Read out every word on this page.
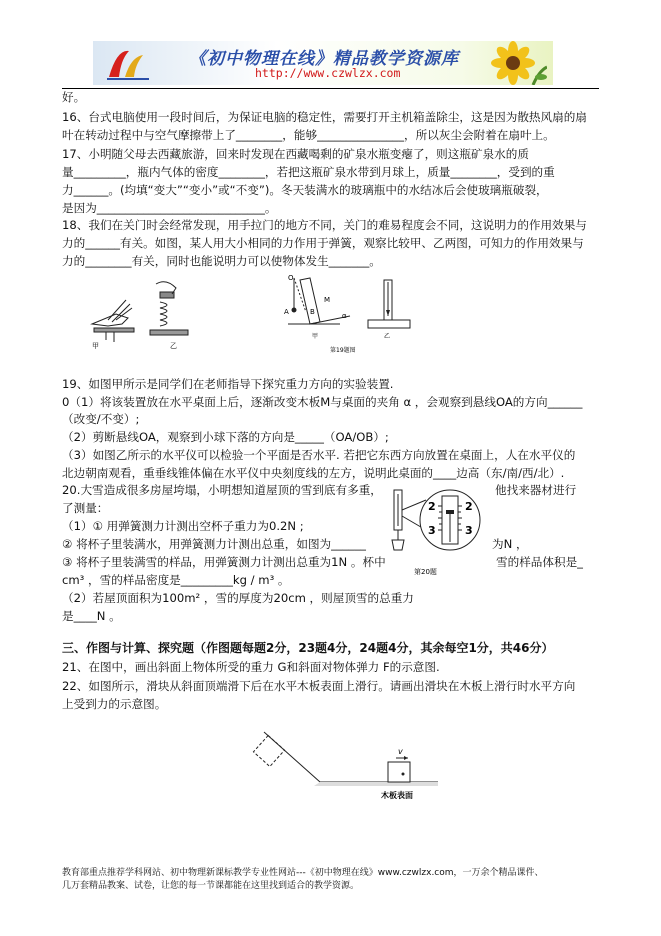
《初中物理在线》精品教学资源库
http://www.czwlzx.com
好。
16、台式电脑使用一段时间后，为保证电脑的稳定性，需要打开主机箱盖除尘，这是因为散热风扇的扇
叶在转动过程中与空气摩擦带上了________，能够_______________，所以灰尘会附着在扇叶上。
17、小明随父母去西藏旅游，回来时发现在西藏喝剩的矿泉水瓶变瘪了，则这瓶矿泉水的质
量_________，瓶内气体的密度________，若把这瓶矿泉水带到月球上，质量________，受到的重
力______。(均填“变大”“变小”或“不变”)。冬天装满水的玻璃瓶中的水结冰后会使玻璃瓶破裂，
是因为_____________________________。
18、我们在关门时会经常发现，用手拉门的地方不同，关门的难易程度会不同，这说明力的作用效果与
力的______有关。如图，某人用大小相同的力作用于弹簧，观察比较甲、乙两图，可知力的作用效果与
力的________有关，同时也能说明力可以使物体发生_______。
甲	乙
O
A	B
M
α
甲	乙
第19题图
19、如图甲所示是同学们在老师指导下探究重力方向的实验装置.
0（1）将该装置放在水平桌面上后，逐渐改变木板M与桌面的夹角 α ，会观察到悬线OA的方向______
（改变/不变）;
（2）剪断悬线OA，观察到小球下落的方向是_____（OA/OB）;
（3）如图乙所示的水平仪可以检验一个平面是否水平. 若把它东西方向放置在桌面上，人在水平仪的
北边朝南观看，重垂线锥体偏在水平仪中央刻度线的左方，说明此桌面的____边高（东/南/西/北）.
20.大雪造成很多房屋垮塌，小明想知道屋顶的雪到底有多重，	他找来器材进行
了测量：
（1）① 用弹簧测力计测出空杯子重力为0.2N ;
② 将杯子里装满水，用弹簧测力计测出总重，如图为______	为N ，
③ 将杯子里装满雪的样品，用弹簧测力计测出总重为1N 。杯中	雪的样品体积是_
cm³ ，雪的样品密度是_________kg / m³ 。
（2）若屋顶面积为100m² ，雪的厚度为20cm ，则屋顶雪的总重力
是____N 。
2
3
2
3
第20题
三、作图与计算、探究题（作图题每题2分，23题4分，24题4分，其余每空1分，共46分）
21、在图中，画出斜面上物体所受的重力 G和斜面对物体弹力 F的示意图.
22、如图所示，滑块从斜面顶端滑下后在水平木板表面上滑行。请画出滑块在木板上滑行时水平方向
上受到力的示意图。
v
木板表面
教育部重点推荐学科网站、初中物理新课标教学专业性网站---《初中物理在线》www.czwlzx.com，一万余个精品课件、
几万套精品教案、试卷，让您的每一节课都能在这里找到适合的教学资源。
